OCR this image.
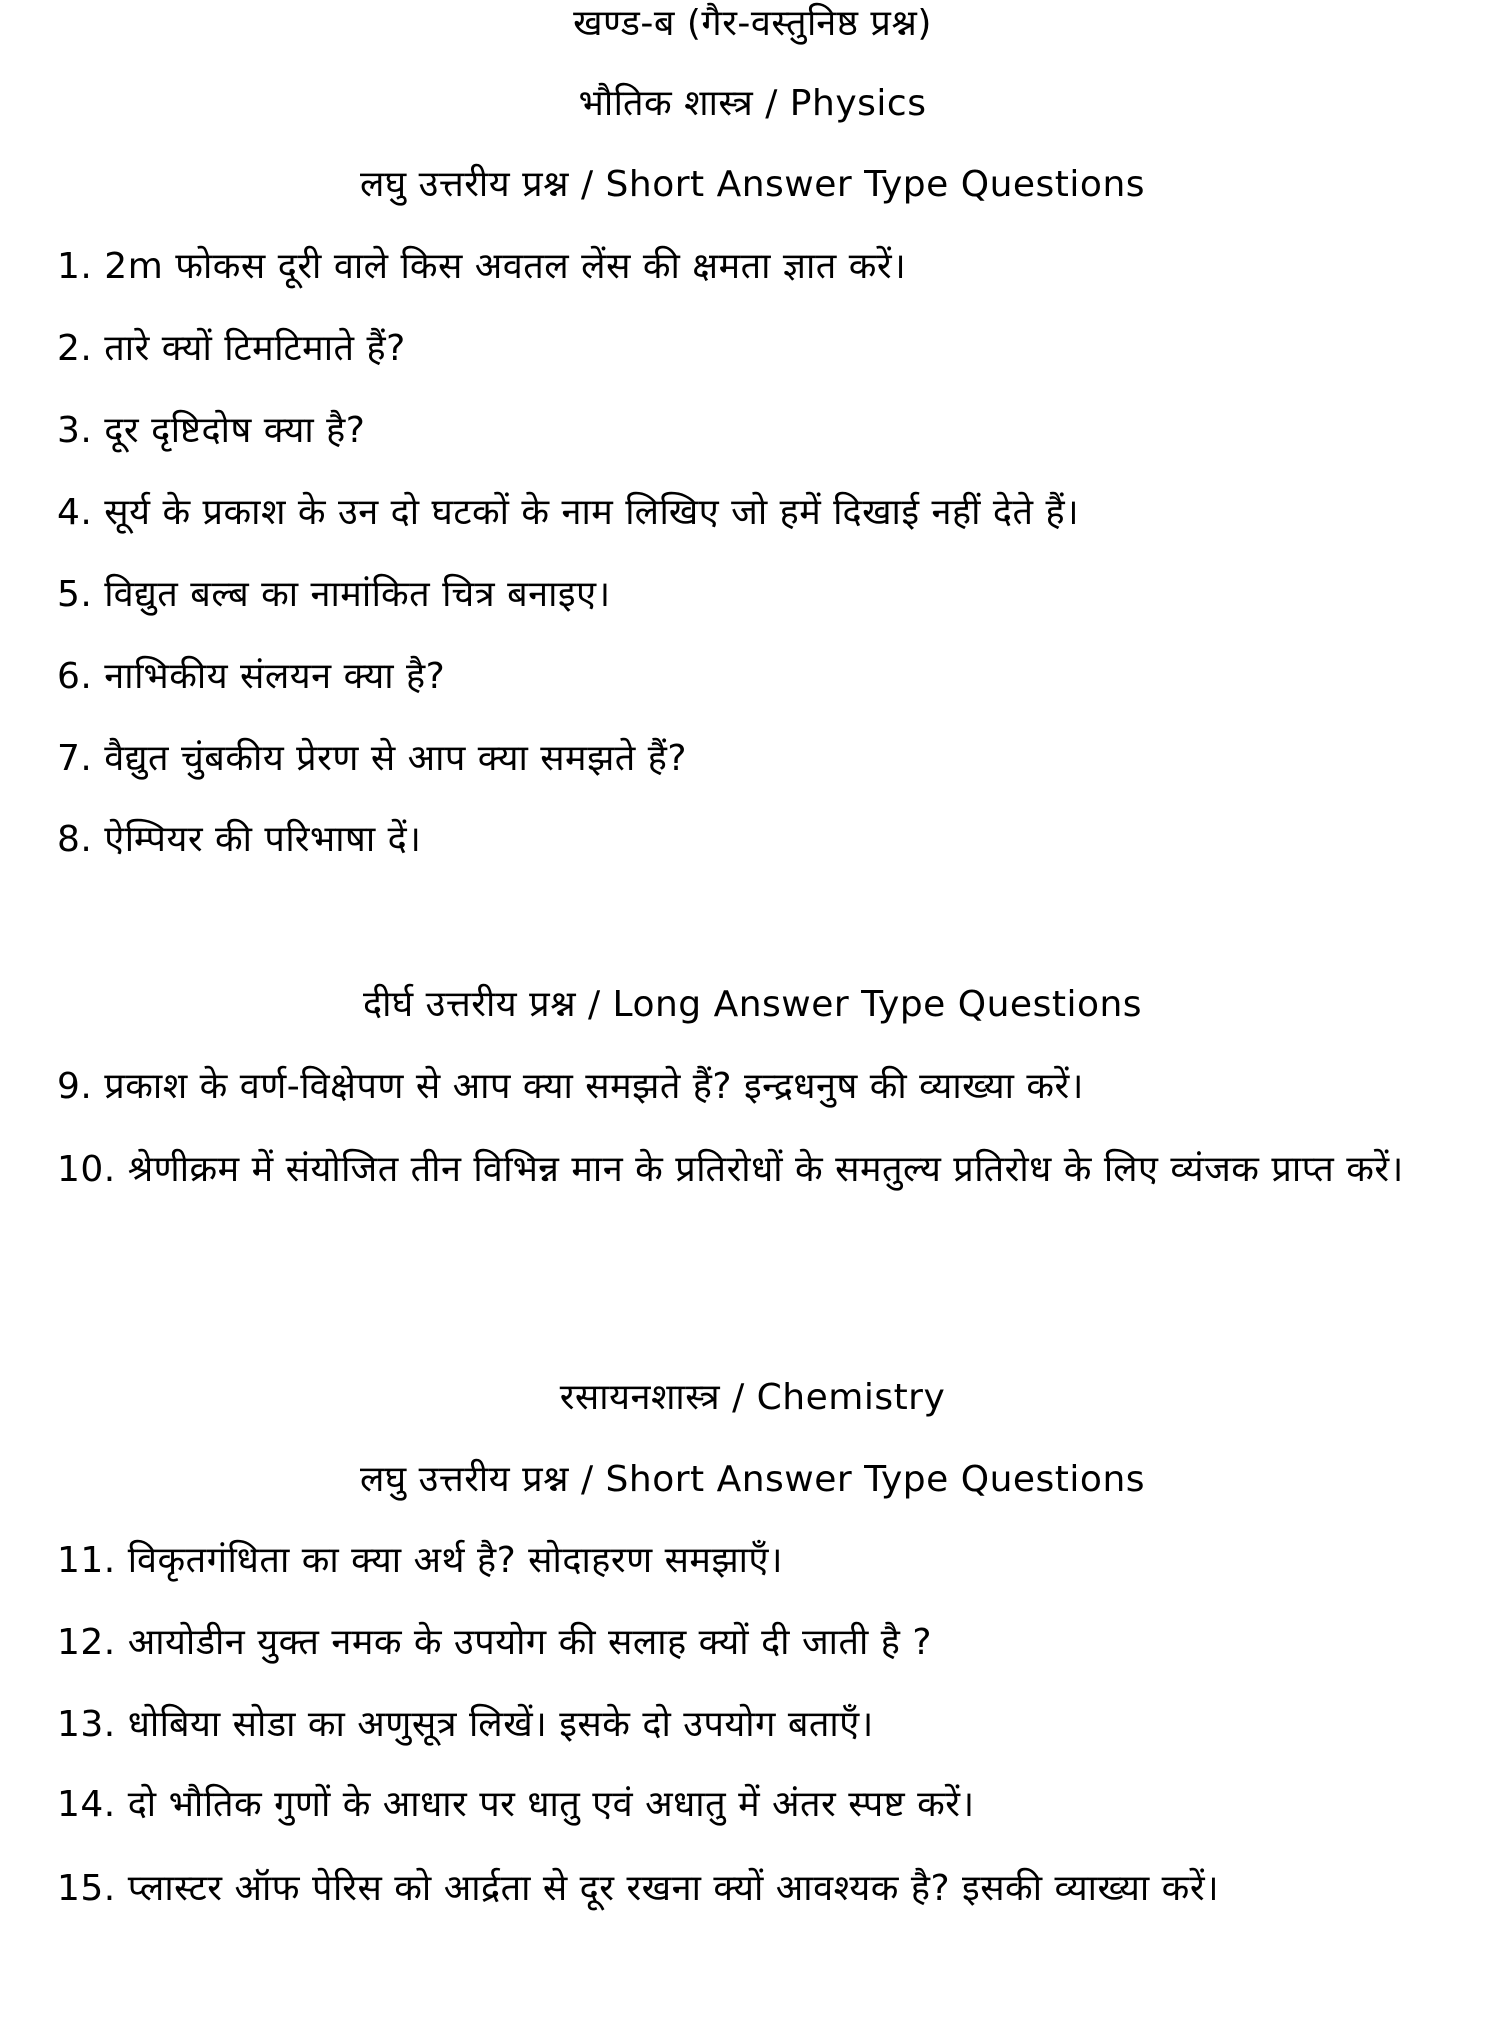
खण्ड-ब (गैर-वस्तुनिष्ठ प्रश्न)
भौतिक शास्त्र / Physics
लघु उत्तरीय प्रश्न / Short Answer Type Questions
1. 2m फोकस दूरी वाले किस अवतल लेंस की क्षमता ज्ञात करें।
2. तारे क्यों टिमटिमाते हैं?
3. दूर दृष्टिदोष क्या है?
4. सूर्य के प्रकाश के उन दो घटकों के नाम लिखिए जो हमें दिखाई नहीं देते हैं।
5. विद्युत बल्ब का नामांकित चित्र बनाइए।
6. नाभिकीय संलयन क्या है?
7. वैद्युत चुंबकीय प्रेरण से आप क्या समझते हैं?
8. ऐम्पियर की परिभाषा दें।
दीर्घ उत्तरीय प्रश्न / Long Answer Type Questions
9. प्रकाश के वर्ण-विक्षेपण से आप क्या समझते हैं? इन्द्रधनुष की व्याख्या करें।
10. श्रेणीक्रम में संयोजित तीन विभिन्न मान के प्रतिरोधों के समतुल्य प्रतिरोध के लिए व्यंजक प्राप्त करें।
रसायनशास्त्र / Chemistry
लघु उत्तरीय प्रश्न / Short Answer Type Questions
11. विकृतगंधिता का क्या अर्थ है? सोदाहरण समझाएँ।
12. आयोडीन युक्त नमक के उपयोग की सलाह क्यों दी जाती है ?
13. धोबिया सोडा का अणुसूत्र लिखें। इसके दो उपयोग बताएँ।
14. दो भौतिक गुणों के आधार पर धातु एवं अधातु में अंतर स्पष्ट करें।
15. प्लास्टर ऑफ पेरिस को आर्द्रता से दूर रखना क्यों आवश्यक है? इसकी व्याख्या करें।
